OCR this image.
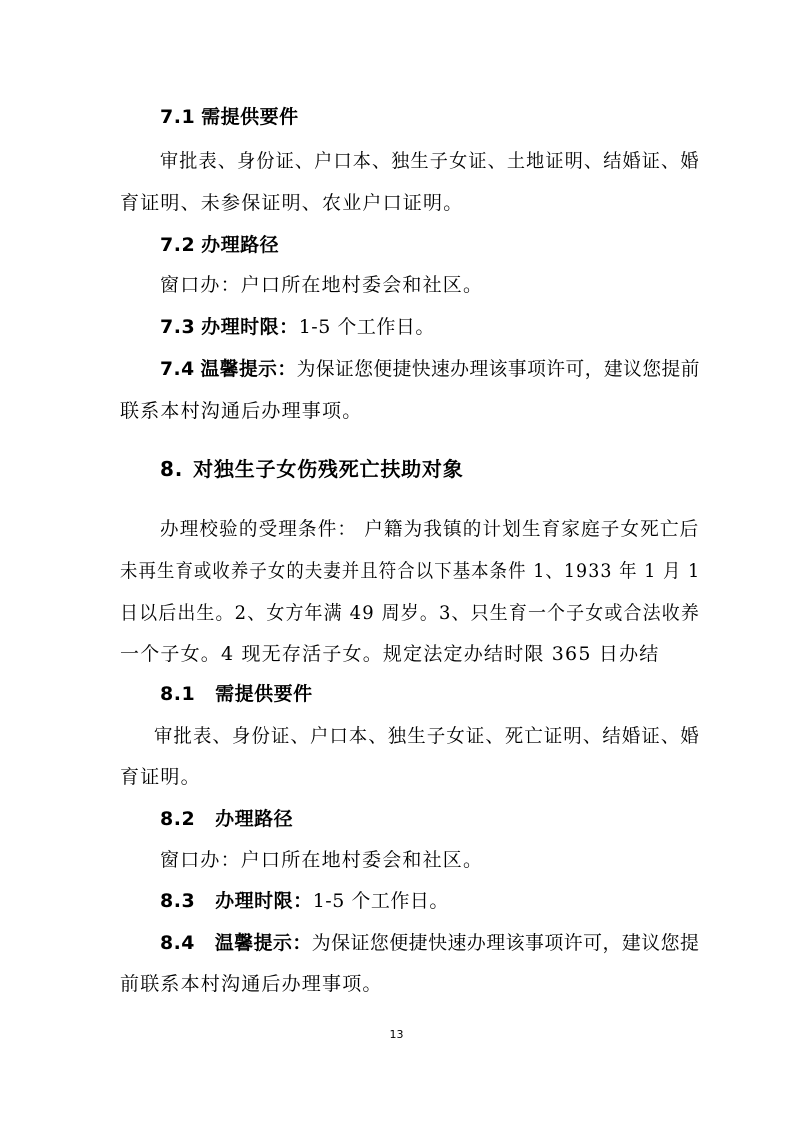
7.1 需提供要件
审批表、身份证、户口本、独生子女证、土地证明、结婚证、婚
育证明、未参保证明、农业户口证明。
7.2 办理路径
窗口办：户口所在地村委会和社区。
7.3 办理时限：1-5 个工作日。
7.4 温馨提示：为保证您便捷快速办理该事项许可，建议您提前
联系本村沟通后办理事项。
8. 对独生子女伤残死亡扶助对象
办理校验的受理条件： 户籍为我镇的计划生育家庭子女死亡后
未再生育或收养子女的夫妻并且符合以下基本条件 1、1933 年 1 月 1
日以后出生。2、女方年满 49 周岁。3、只生育一个子女或合法收养
一个子女。4 现无存活子女。规定法定办结时限 365 日办结
8.1 需提供要件
审批表、身份证、户口本、独生子女证、死亡证明、结婚证、婚
育证明。
8.2 办理路径
窗口办：户口所在地村委会和社区。
8.3 办理时限：1-5 个工作日。
8.4 温馨提示：为保证您便捷快速办理该事项许可，建议您提
前联系本村沟通后办理事项。
13
